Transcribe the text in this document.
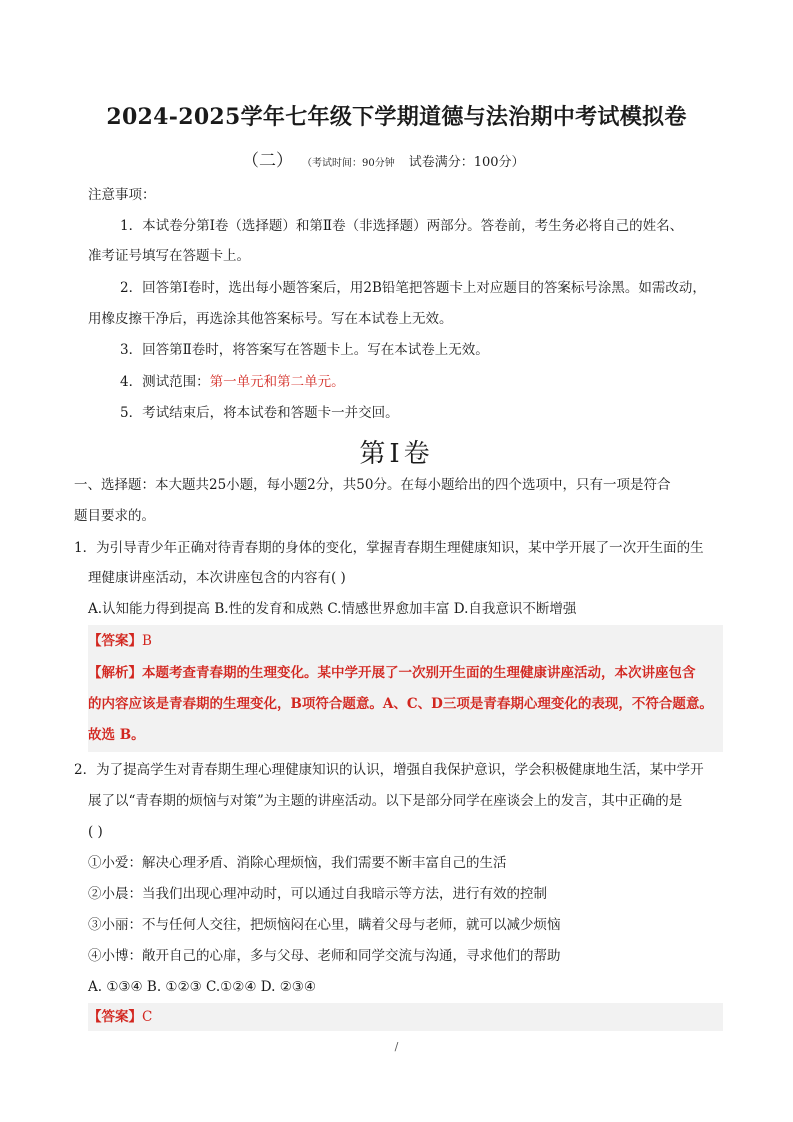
2024-2025学年七年级下学期道德与法治期中考试模拟卷
（二） （考试时间：90分钟 试卷满分：100分）
注意事项：
1．本试卷分第Ⅰ卷（选择题）和第Ⅱ卷（非选择题）两部分。答卷前，考生务必将自己的姓名、
准考证号填写在答题卡上。
2．回答第Ⅰ卷时，选出每小题答案后，用2B铅笔把答题卡上对应题目的答案标号涂黑。如需改动，
用橡皮擦干净后，再选涂其他答案标号。写在本试卷上无效。
3．回答第Ⅱ卷时，将答案写在答题卡上。写在本试卷上无效。
4．测试范围：第一单元和第二单元。
5．考试结束后，将本试卷和答题卡一并交回。
第Ⅰ卷
一、选择题：本大题共25小题，每小题2分，共50分。在每小题给出的四个选项中，只有一项是符合
题目要求的。
1．为引导青少年正确对待青春期的身体的变化，掌握青春期生理健康知识，某中学开展了一次开生面的生
理健康讲座活动，本次讲座包含的内容有( )
A.认知能力得到提高 B.性的发育和成熟 C.情感世界愈加丰富 D.自我意识不断增强
【答案】B
【解析】本题考查青春期的生理变化。某中学开展了一次别开生面的生理健康讲座活动，本次讲座包含
的内容应该是青春期的生理变化，B项符合题意。A、C、D三项是青春期心理变化的表现，不符合题意。
故选 B。
2．为了提高学生对青春期生理心理健康知识的认识，增强自我保护意识，学会积极健康地生活，某中学开
展了以“青春期的烦恼与对策”为主题的讲座活动。以下是部分同学在座谈会上的发言，其中正确的是
( )
①小爱：解决心理矛盾、消除心理烦恼，我们需要不断丰富自己的生活
②小晨：当我们出现心理冲动时，可以通过自我暗示等方法，进行有效的控制
③小丽：不与任何人交往，把烦恼闷在心里，瞒着父母与老师，就可以减少烦恼
④小博：敞开自己的心扉，多与父母、老师和同学交流与沟通，寻求他们的帮助
A. ①③④ B. ①②③ C.①②④ D. ②③④
【答案】C
/
